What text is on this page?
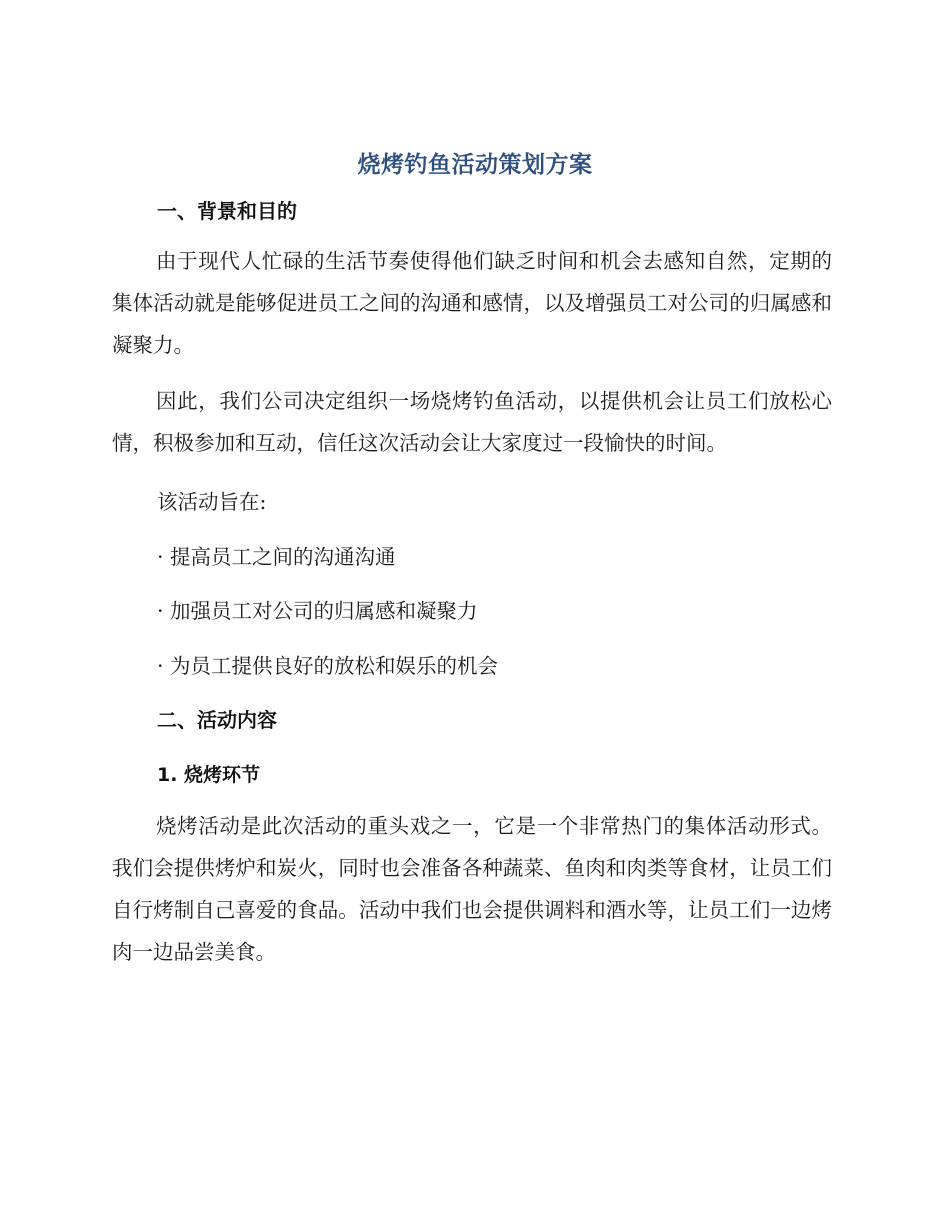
烧烤钓鱼活动策划方案
一、背景和目的

由于现代人忙碌的生活节奏使得他们缺乏时间和机会去感知自然，定期的集体活动就是能够促进员工之间的沟通和感情，以及增强员工对公司的归属感和凝聚力。

因此，我们公司决定组织一场烧烤钓鱼活动，以提供机会让员工们放松心情，积极参加和互动，信任这次活动会让大家度过一段愉快的时间。

该活动旨在:

· 提高员工之间的沟通沟通

· 加强员工对公司的归属感和凝聚力

· 为员工提供良好的放松和娱乐的机会

二、活动内容
1. 烧烤环节

烧烤活动是此次活动的重头戏之一，它是一个非常热门的集体活动形式。我们会提供烤炉和炭火，同时也会准备各种蔬菜、鱼肉和肉类等食材，让员工们自行烤制自己喜爱的食品。活动中我们也会提供调料和酒水等，让员工们一边烤肉一边品尝美食。
